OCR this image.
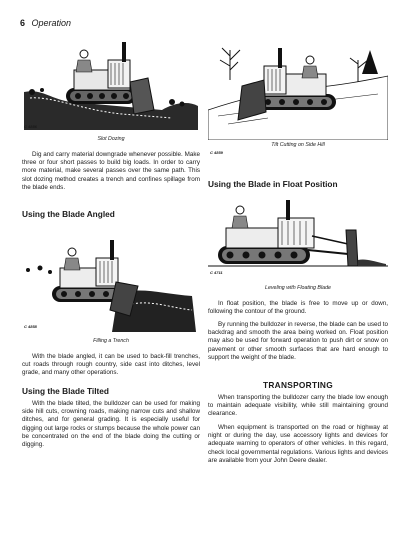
6 Operation
C 4856
Slot Dozing

Dig and carry material downgrade whenever possible. Make three or four short passes to build big loads. In order to carry more material, make several passes over the same path. This slot dozing method creates a trench and confines spillage from the blade ends.

Using the Blade Angled
C 4858
Filling a Trench

With the blade angled, it can be used to back-fill trenches, cut roads through rough country, side cast into ditches, level grade, and many other operations.

Using the Blade Tilted

With the blade tilted, the bulldozer can be used for making side hill cuts, crowning roads, making narrow cuts and shallow ditches, and for general grading. It is especially useful for digging out large rocks or stumps because the whole power can be concentrated on the end of the blade doing the cutting or digging.

C 4859
Tilt Cutting on Side Hill
Using the Blade in Float Position
C 4711
Leveling with Floating Blade

In float position, the blade is free to move up or down, following the contour of the ground.

By running the bulldozer in reverse, the blade can be used to backdrag and smooth the area being worked on. Float position may also be used for forward operation to push dirt or snow on pavement or other smooth surfaces that are hard enough to support the weight of the blade.

TRANSPORTING

When transporting the bulldozer carry the blade low enough to maintain adequate visibility, while still maintaining ground clearance.

When equipment is transported on the road or highway at night or during the day, use accessory lights and devices for adequate warning to operators of other vehicles. In this regard, check local governmental regulations. Various lights and devices are available from your John Deere dealer.
